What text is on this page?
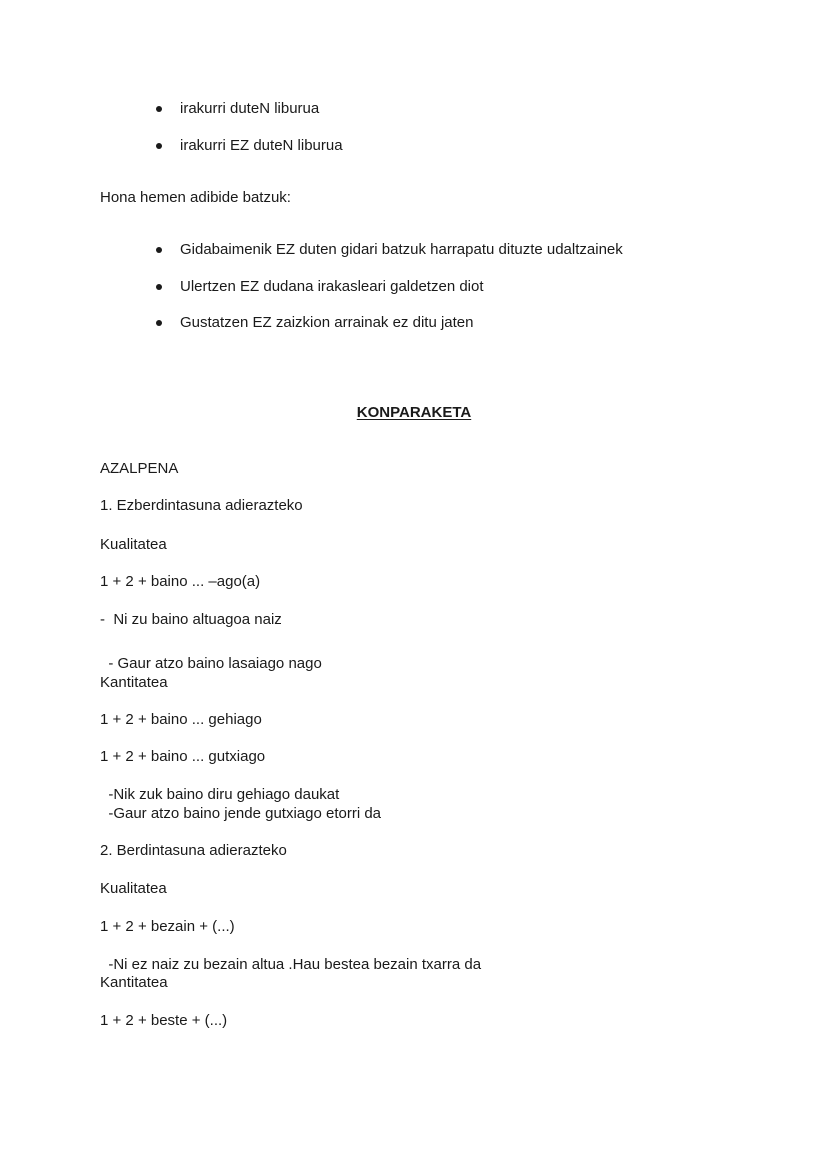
irakurri duteN liburua
irakurri EZ duteN liburua
Hona hemen adibide batzuk:
Gidabaimenik EZ duten gidari batzuk harrapatu dituzte udaltzainek
Ulertzen EZ dudana irakasleari galdetzen diot
Gustatzen EZ zaizkion arrainak ez ditu jaten
KONPARAKETA
AZALPENA
1. Ezberdintasuna adierazteko
Kualitatea
1 + 2 + baino ... –ago(a)
-  Ni zu baino altuagoa naiz
- Gaur atzo baino lasaiago nago
Kantitatea
1 + 2 + baino ... gehiago
1 + 2 + baino ... gutxiago
-Nik zuk baino diru gehiago daukat
-Gaur atzo baino jende gutxiago etorri da
2. Berdintasuna adierazteko
Kualitatea
1 + 2 + bezain + (...)
-Ni ez naiz zu bezain altua .Hau bestea bezain txarra da
Kantitatea
1 + 2 + beste + (...)
